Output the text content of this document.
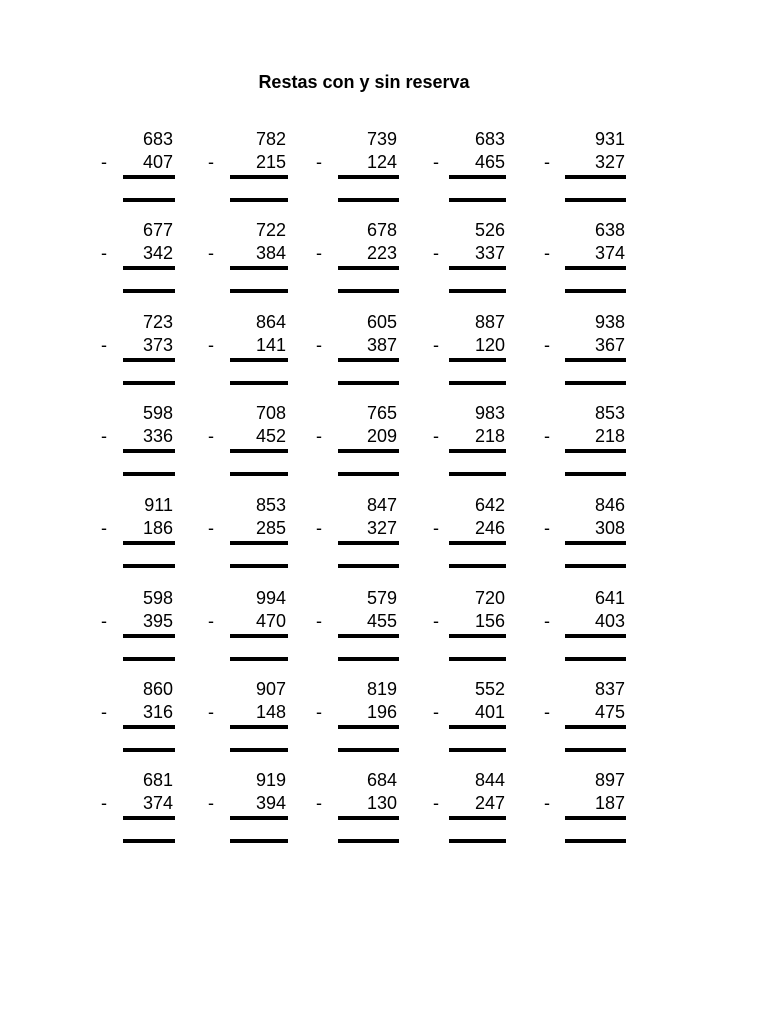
Restas con y sin reserva
683
-	407
782
-	215
739
-	124
683
-	465
931
-	327
677
-	342
722
-	384
678
-	223
526
-	337
638
-	374
723
-	373
864
-	141
605
-	387
887
-	120
938
-	367
598
-	336
708
-	452
765
-	209
983
-	218
853
-	218
911
-	186
853
-	285
847
-	327
642
-	246
846
-	308
598
-	395
994
-	470
579
-	455
720
-	156
641
-	403
860
-	316
907
-	148
819
-	196
552
-	401
837
-	475
681
-	374
919
-	394
684
-	130
844
-	247
897
-	187
